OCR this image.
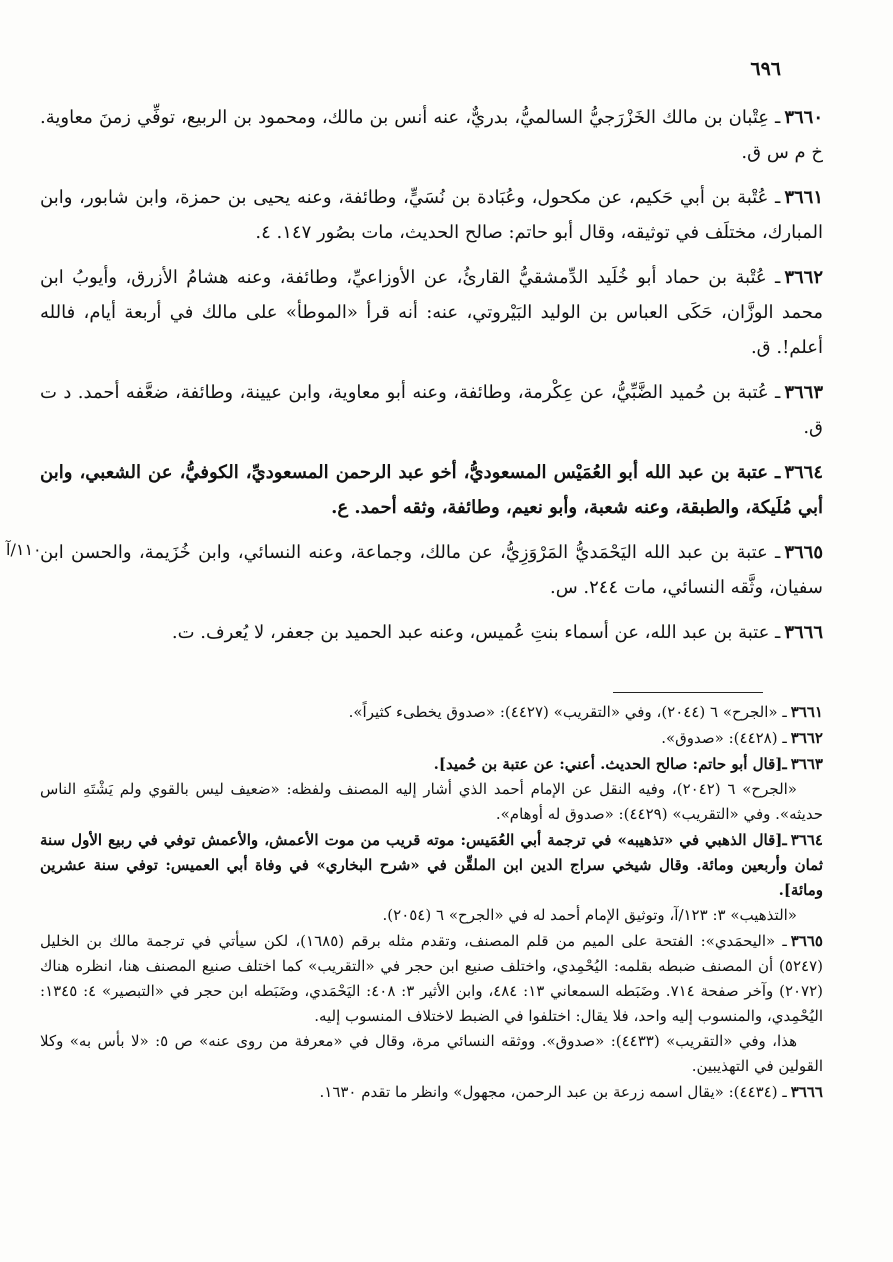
٦٩٦
١١٠/آ
٣٦٦٠ـ عِتْبان بن مالك الخَزْرَجيُّ السالميُّ، بدريٌّ، عنه أنس بن مالك، ومحمود بن الربيع، توفِّي زمنَ معاوية. خ م س ق.
٣٦٦١ـ عُتْبة بن أبي حَكيم، عن مكحول، وعُبَادة بن نُسَيٍّ، وطائفة، وعنه يحيى بن حمزة، وابن شابور، وابن المبارك، مختلَف في توثيقه، وقال أبو حاتم: صالح الحديث، مات بصُور ١٤٧. ٤.
٣٦٦٢ـ عُتْبة بن حماد أبو خُلَيد الدِّمشقيُّ القارئُ، عن الأوزاعيِّ، وطائفة، وعنه هشامُ الأزرق، وأيوبُ ابن محمد الوزَّان، حَكَى العباس بن الوليد البَيْروتي، عنه: أنه قرأ «الموطأ» على مالك في أربعة أيام، فالله أعلم!. ق.
٣٦٦٣ـ عُتبة بن حُميد الضَّبِّيُّ، عن عِكْرمة، وطائفة، وعنه أبو معاوية، وابن عيينة، وطائفة، ضعَّفه أحمد. د ت ق.
٣٦٦٤ـ عتبة بن عبد الله أبو العُمَيْس المسعوديُّ، أخو عبد الرحمن المسعوديِّ، الكوفيُّ، عن الشعبي، وابن أبي مُلَيكة، والطبقة، وعنه شعبة، وأبو نعيم، وطائفة، وثقه أحمد. ع.
٣٦٦٥ـ عتبة بن عبد الله اليَحْمَديُّ المَرْوَزِيُّ، عن مالك، وجماعة، وعنه النسائي، وابن خُزَيمة، والحسن ابن سفيان، وثَّقه النسائي، مات ٢٤٤. س.
٣٦٦٦ـ عتبة بن عبد الله، عن أسماء بنتِ عُميس، وعنه عبد الحميد بن جعفر، لا يُعرف. ت.
٣٦٦١ـ «الجرح» ٦ (٢٠٤٤)، وفي «التقريب» (٤٤٢٧): «صدوق يخطىء كثيراً».
٣٦٦٢ـ (٤٤٢٨): «صدوق».
٣٦٦٣ـ[قال أبو حاتم: صالح الحديث. أعني: عن عتبة بن حُميد].
«الجرح» ٦ (٢٠٤٢)، وفيه النقل عن الإمام أحمد الذي أشار إليه المصنف ولفظه: «ضعيف ليس بالقوي ولم يَشْتَهِ الناس حديثه». وفي «التقريب» (٤٤٢٩): «صدوق له أوهام».
٣٦٦٤ـ[قال الذهبي في «تذهيبه» في ترجمة أبي العُمَيس: موته قريب من موت الأعمش، والأعمش توفي في ربيع الأول سنة ثمان وأربعين ومائة. وقال شيخي سراج الدين ابن الملقِّن في «شرح البخاري» في وفاة أبي العميس: توفي سنة عشرين ومائة].
«التذهيب» ٣: ١٢٣/آ، وتوثيق الإمام أحمد له في «الجرح» ٦ (٢٠٥٤).
٣٦٦٥ـ «اليحمَدي»: الفتحة على الميم من قلم المصنف، وتقدم مثله برقم (١٦٨٥)، لكن سيأتي في ترجمة مالك بن الخليل (٥٢٤٧) أن المصنف ضبطه بقلمه: اليُحْمِدي، واختلف صنيع ابن حجر في «التقريب» كما اختلف صنيع المصنف هنا، انظره هناك (٢٠٧٢) وآخر صفحة ٧١٤. وضَبَطه السمعاني ١٣: ٤٨٤، وابن الأثير ٣: ٤٠٨: اليَحْمَدي، وضَبَطه ابن حجر في «التبصير» ٤: ١٣٤٥: اليُحْمِدي، والمنسوب إليه واحد، فلا يقال: اختلفوا في الضبط لاختلاف المنسوب إليه.
هذا، وفي «التقريب» (٤٤٣٣): «صدوق». ووثقه النسائي مرة، وقال في «معرفة من روى عنه» ص ٥: «لا بأس به» وكلا القولين في التهذيبين.
٣٦٦٦ـ (٤٤٣٤): «يقال اسمه زرعة بن عبد الرحمن، مجهول» وانظر ما تقدم ١٦٣٠.
